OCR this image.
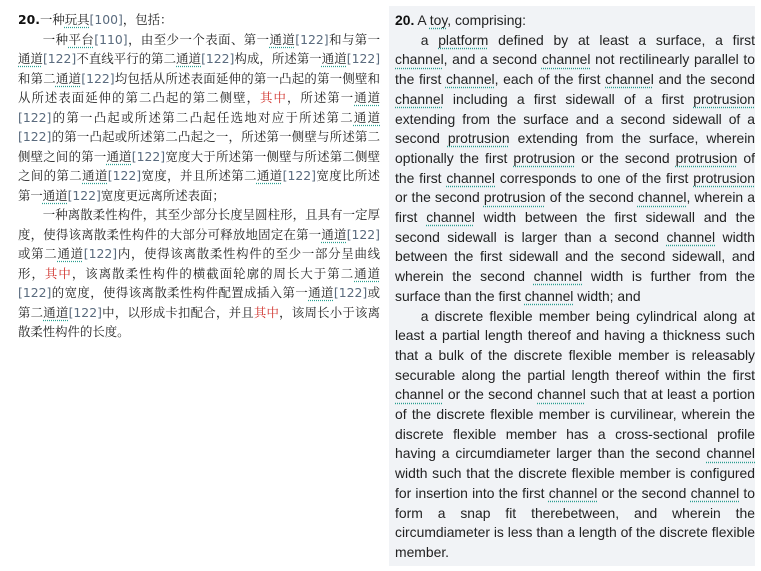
20.一种玩具[100]，包括：

一种平台[110]，由至少一个表面、第一通道[122]和与第一通道[122]不直线平行的第二通道[122]构成，所述第一通道[122]和第二通道[122]均包括从所述表面延伸的第一凸起的第一侧壁和从所述表面延伸的第二凸起的第二侧壁，其中，所述第一通道[122]的第一凸起或所述第二凸起任选地对应于所述第二通道[122]的第一凸起或所述第二凸起之一，所述第一侧壁与所述第二侧壁之间的第一通道[122]宽度大于所述第一侧壁与所述第二侧壁之间的第二通道[122]宽度，并且所述第二通道[122]宽度比所述第一通道[122]宽度更远离所述表面；

一种离散柔性构件，其至少部分长度呈圆柱形，且具有一定厚度，使得该离散柔性构件的大部分可释放地固定在第一通道[122]或第二通道[122]内，使得该离散柔性构件的至少一部分呈曲线形，其中，该离散柔性构件的横截面轮廓的周长大于第二通道[122]的宽度，使得该离散柔性构件配置成插入第一通道[122]或第二通道[122]中，以形成卡扣配合，并且其中，该周长小于该离散柔性构件的长度。

20. A toy, comprising:

a platform defined by at least a surface, a first channel, and a second channel not rectilinearly parallel to the first channel, each of the first channel and the second channel including a first sidewall of a first protrusion extending from the surface and a second sidewall of a second protrusion extending from the surface, wherein optionally the first protrusion or the second protrusion of the first channel corresponds to one of the first protrusion or the second protrusion of the second channel, wherein a first channel width between the first sidewall and the second sidewall is larger than a second channel width between the first sidewall and the second sidewall, and wherein the second channel width is further from the surface than the first channel width; and

a discrete flexible member being cylindrical along at least a partial length thereof and having a thickness such that a bulk of the discrete flexible member is releasably securable along the partial length thereof within the first channel or the second channel such that at least a portion of the discrete flexible member is curvilinear, wherein the discrete flexible member has a cross-sectional profile having a circumdiameter larger than the second channel width such that the discrete flexible member is configured for insertion into the first channel or the second channel to form a snap fit therebetween, and wherein the circumdiameter is less than a length of the discrete flexible member.
